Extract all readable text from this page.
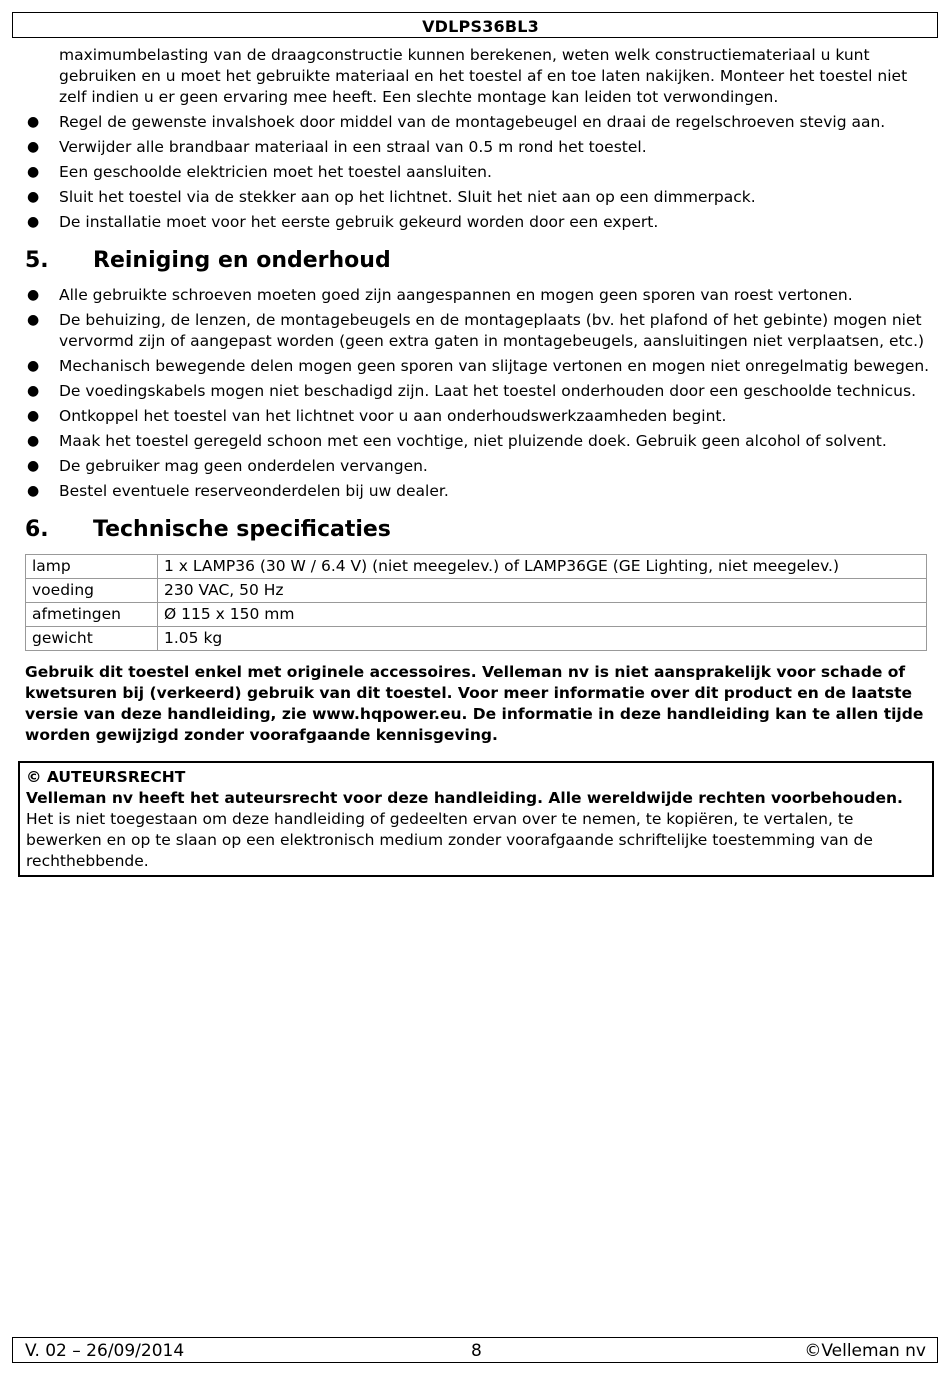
VDLPS36BL3

maximumbelasting van de draagconstructie kunnen berekenen, weten welk constructiemateriaal u kunt gebruiken en u moet het gebruikte materiaal en het toestel af en toe laten nakijken. Monteer het toestel niet zelf indien u er geen ervaring mee heeft. Een slechte montage kan leiden tot verwondingen.

● Regel de gewenste invalshoek door middel van de montagebeugel en draai de regelschroeven stevig aan.
● Verwijder alle brandbaar materiaal in een straal van 0.5 m rond het toestel.
● Een geschoolde elektricien moet het toestel aansluiten.
● Sluit het toestel via de stekker aan op het lichtnet. Sluit het niet aan op een dimmerpack.
● De installatie moet voor het eerste gebruik gekeurd worden door een expert.
5. Reiniging en onderhoud
● Alle gebruikte schroeven moeten goed zijn aangespannen en mogen geen sporen van roest vertonen.
● De behuizing, de lenzen, de montagebeugels en de montageplaats (bv. het plafond of het gebinte) mogen niet vervormd zijn of aangepast worden (geen extra gaten in montagebeugels, aansluitingen niet verplaatsen, etc.)
● Mechanisch bewegende delen mogen geen sporen van slijtage vertonen en mogen niet onregelmatig bewegen.
● De voedingskabels mogen niet beschadigd zijn. Laat het toestel onderhouden door een geschoolde technicus.
● Ontkoppel het toestel van het lichtnet voor u aan onderhoudswerkzaamheden begint.
● Maak het toestel geregeld schoon met een vochtige, niet pluizende doek. Gebruik geen alcohol of solvent.
● De gebruiker mag geen onderdelen vervangen.
● Bestel eventuele reserveonderdelen bij uw dealer.
6. Technische specificaties
lamp	1 x LAMP36 (30 W / 6.4 V) (niet meegelev.) of LAMP36GE (GE Lighting, niet meegelev.)
voeding	230 VAC, 50 Hz
afmetingen	Ø 115 x 150 mm
gewicht	1.05 kg

Gebruik dit toestel enkel met originele accessoires. Velleman nv is niet aansprakelijk voor schade of kwetsuren bij (verkeerd) gebruik van dit toestel. Voor meer informatie over dit product en de laatste versie van deze handleiding, zie www.hqpower.eu. De informatie in deze handleiding kan te allen tijde worden gewijzigd zonder voorafgaande kennisgeving.

© AUTEURSRECHT
Velleman nv heeft het auteursrecht voor deze handleiding. Alle wereldwijde rechten voorbehouden. Het is niet toegestaan om deze handleiding of gedeelten ervan over te nemen, te kopiëren, te vertalen, te bewerken en op te slaan op een elektronisch medium zonder voorafgaande schriftelijke toestemming van de rechthebbende.
V. 02 – 26/09/2014	8	©Velleman nv
